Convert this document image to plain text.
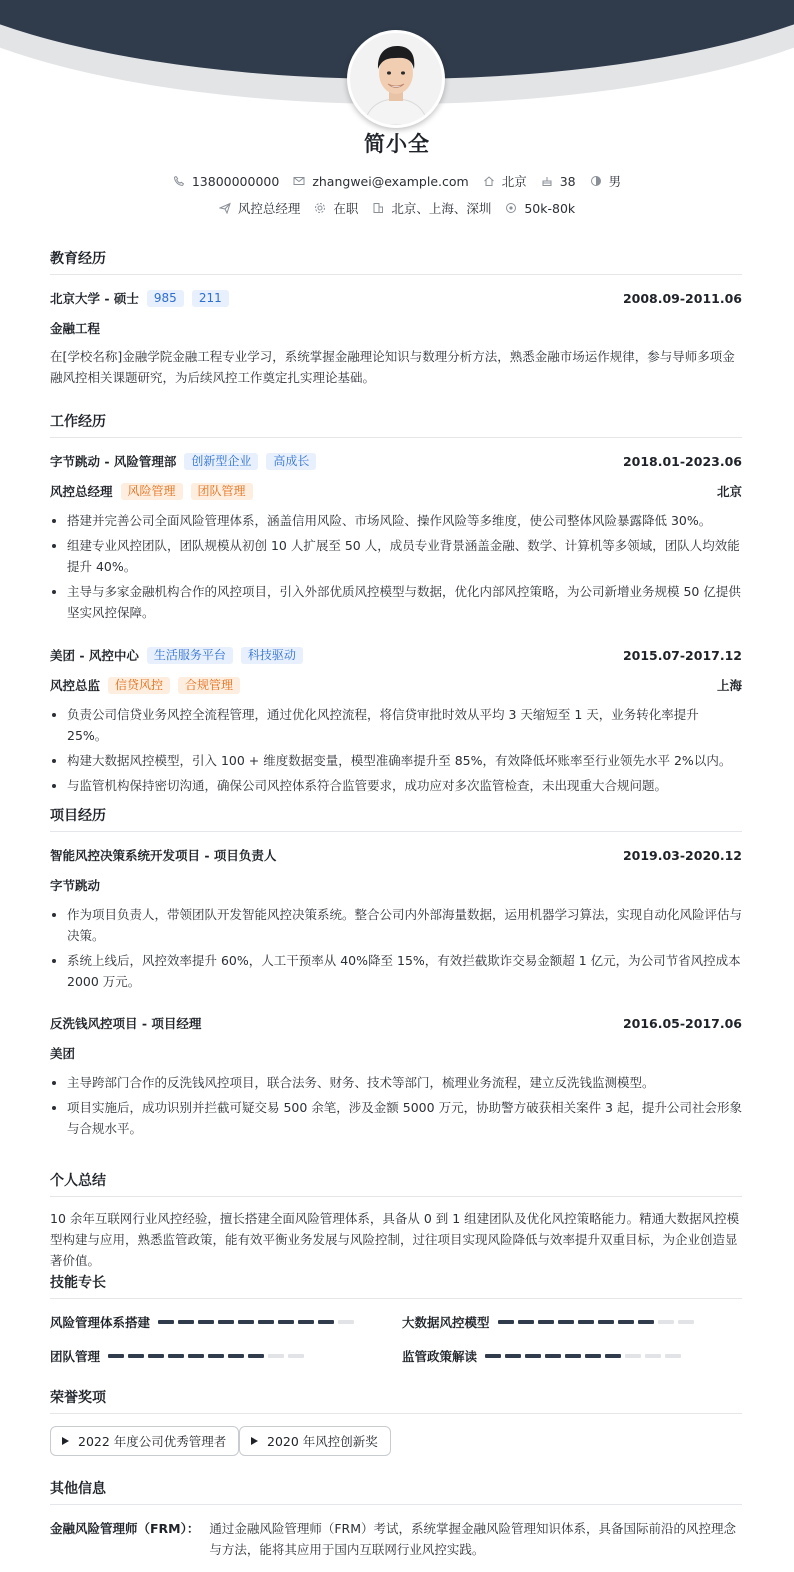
简小全
13800000000	zhangwei@example.com	北京	38	男
风控总经理	在职	北京、上海、深圳	50k-80k
教育经历
北京大学 - 硕士	985	211	2008.09-2011.06
金融工程
在[学校名称]金融学院金融工程专业学习，系统掌握金融理论知识与数理分析方法，熟悉金融市场运作规律，参与导师多项金融风控相关课题研究，为后续风控工作奠定扎实理论基础。
工作经历
字节跳动 - 风险管理部	创新型企业	高成长	2018.01-2023.06
风控总经理	风险管理	团队管理	北京
搭建并完善公司全面风险管理体系，涵盖信用风险、市场风险、操作风险等多维度，使公司整体风险暴露降低 30%。
组建专业风控团队，团队规模从初创 10 人扩展至 50 人，成员专业背景涵盖金融、数学、计算机等多领域，团队人均效能提升 40%。
主导与多家金融机构合作的风控项目，引入外部优质风控模型与数据，优化内部风控策略，为公司新增业务规模 50 亿提供坚实风控保障。
美团 - 风控中心	生活服务平台	科技驱动	2015.07-2017.12
风控总监	信贷风控	合规管理	上海
负责公司信贷业务风控全流程管理，通过优化风控流程，将信贷审批时效从平均 3 天缩短至 1 天，业务转化率提升 25%。
构建大数据风控模型，引入 100 + 维度数据变量，模型准确率提升至 85%，有效降低坏账率至行业领先水平 2%以内。
与监管机构保持密切沟通，确保公司风控体系符合监管要求，成功应对多次监管检查，未出现重大合规问题。
项目经历
智能风控决策系统开发项目 - 项目负责人	2019.03-2020.12
字节跳动
作为项目负责人，带领团队开发智能风控决策系统。整合公司内外部海量数据，运用机器学习算法，实现自动化风险评估与决策。
系统上线后，风控效率提升 60%，人工干预率从 40%降至 15%，有效拦截欺诈交易金额超 1 亿元，为公司节省风控成本 2000 万元。
反洗钱风控项目 - 项目经理	2016.05-2017.06
美团
主导跨部门合作的反洗钱风控项目，联合法务、财务、技术等部门，梳理业务流程，建立反洗钱监测模型。
项目实施后，成功识别并拦截可疑交易 500 余笔，涉及金额 5000 万元，协助警方破获相关案件 3 起，提升公司社会形象与合规水平。
个人总结
10 余年互联网行业风控经验，擅长搭建全面风险管理体系，具备从 0 到 1 组建团队及优化风控策略能力。精通大数据风控模型构建与应用，熟悉监管政策，能有效平衡业务发展与风险控制，过往项目实现风险降低与效率提升双重目标，为企业创造显著价值。
技能专长
风险管理体系搭建	大数据风控模型
团队管理	监管政策解读
荣誉奖项
2022 年度公司优秀管理者	2020 年风控创新奖
其他信息
金融风险管理师（FRM）： 通过金融风险管理师（FRM）考试，系统掌握金融风险管理知识体系，具备国际前沿的风控理念与方法，能将其应用于国内互联网行业风控实践。
